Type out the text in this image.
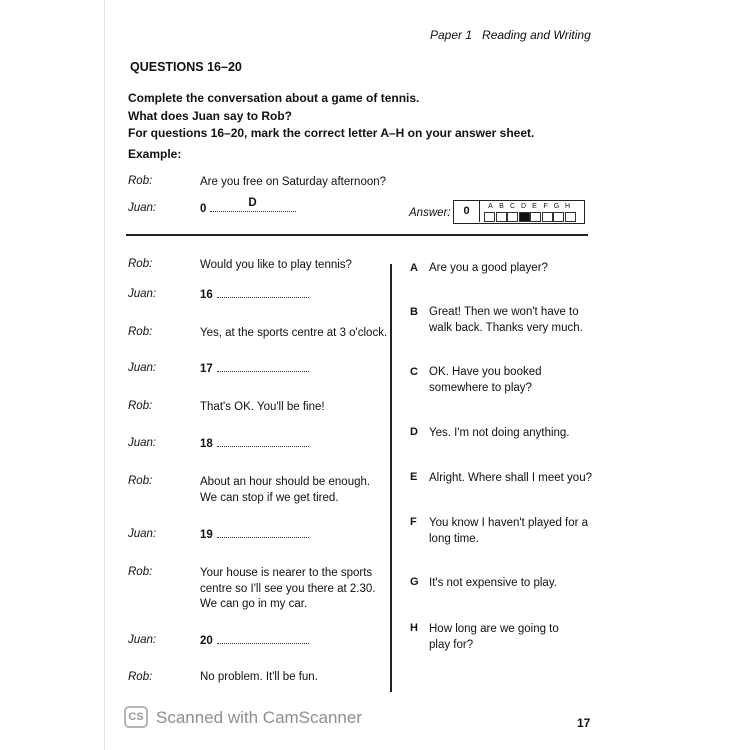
Paper 1 Reading and Writing
QUESTIONS 16–20
Complete the conversation about a game of tennis.
What does Juan say to Rob?
For questions 16–20, mark the correct letter A–H on your answer sheet.
Example:
Rob:	Are you free on Saturday afternoon?
Juan:	0
D
Answer:	0	A B C D E F G H
Rob:	Would you like to play tennis?
Juan:	16
Rob:	Yes, at the sports centre at 3 o'clock.
Juan:	17
Rob:	That's OK. You'll be fine!
Juan:	18
Rob:	About an hour should be enough.
We can stop if we get tired.
Juan:	19
Rob:	Your house is nearer to the sports
centre so I'll see you there at 2.30.
We can go in my car.
Juan:	20
Rob:	No problem. It'll be fun.
A Are you a good player?
B Great! Then we won't have to
walk back. Thanks very much.
C OK. Have you booked
somewhere to play?
D Yes. I'm not doing anything.
E Alright. Where shall I meet you?
F You know I haven't played for a
long time.
G It's not expensive to play.
H How long are we going to
play for?
CS Scanned with CamScanner	17
